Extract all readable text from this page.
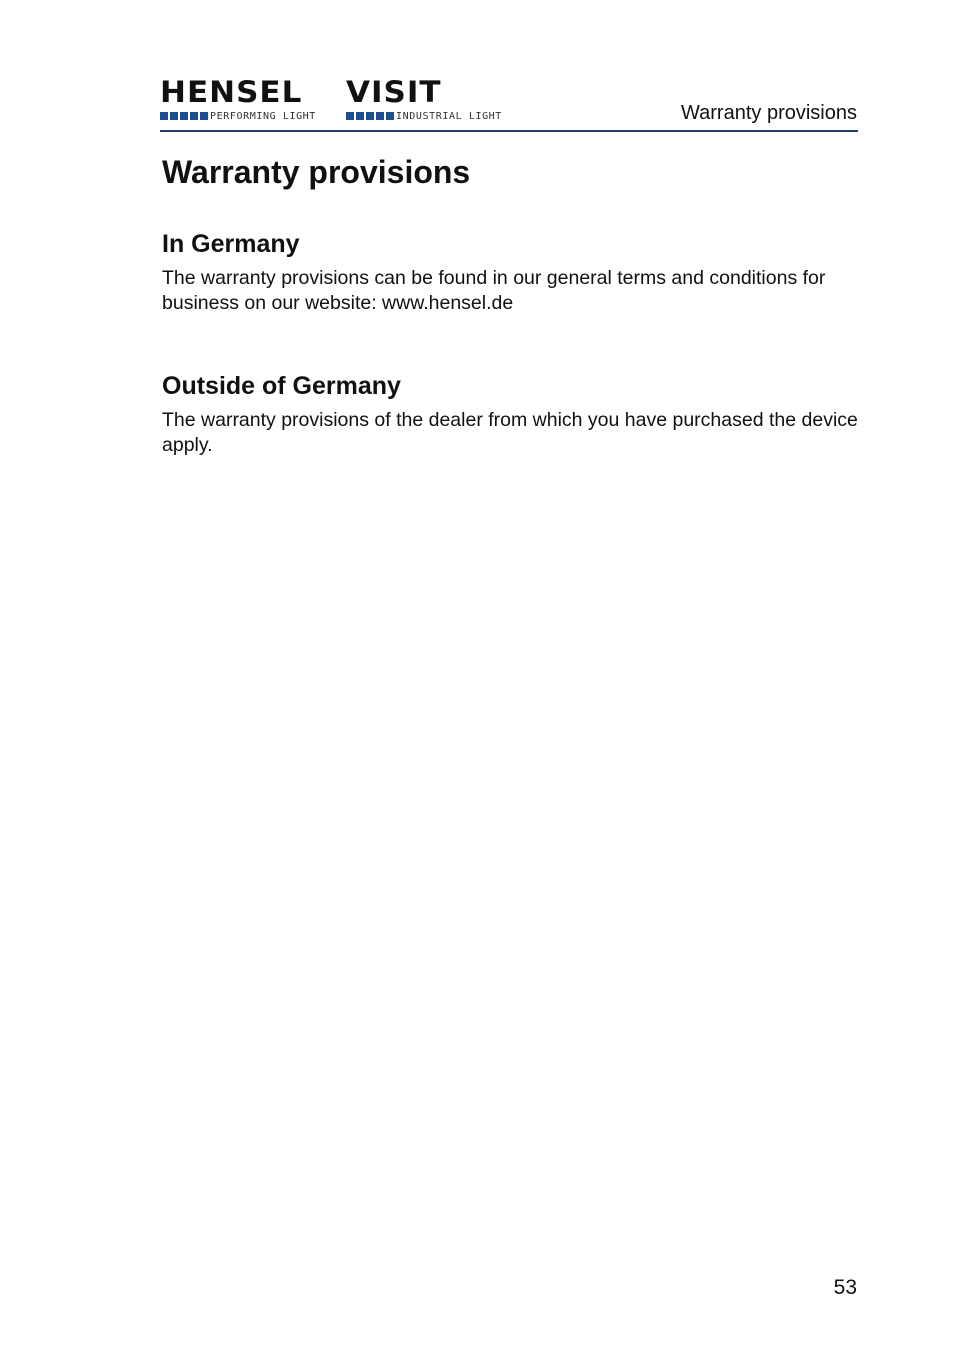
HENSEL
PERFORMING LIGHT
VISIT
INDUSTRIAL LIGHT	Warranty provisions
Warranty provisions
In Germany

The warranty provisions can be found in our general terms and conditions for business on our website: www.hensel.de

Outside of Germany

The warranty provisions of the dealer from which you have purchased the device apply.

53
